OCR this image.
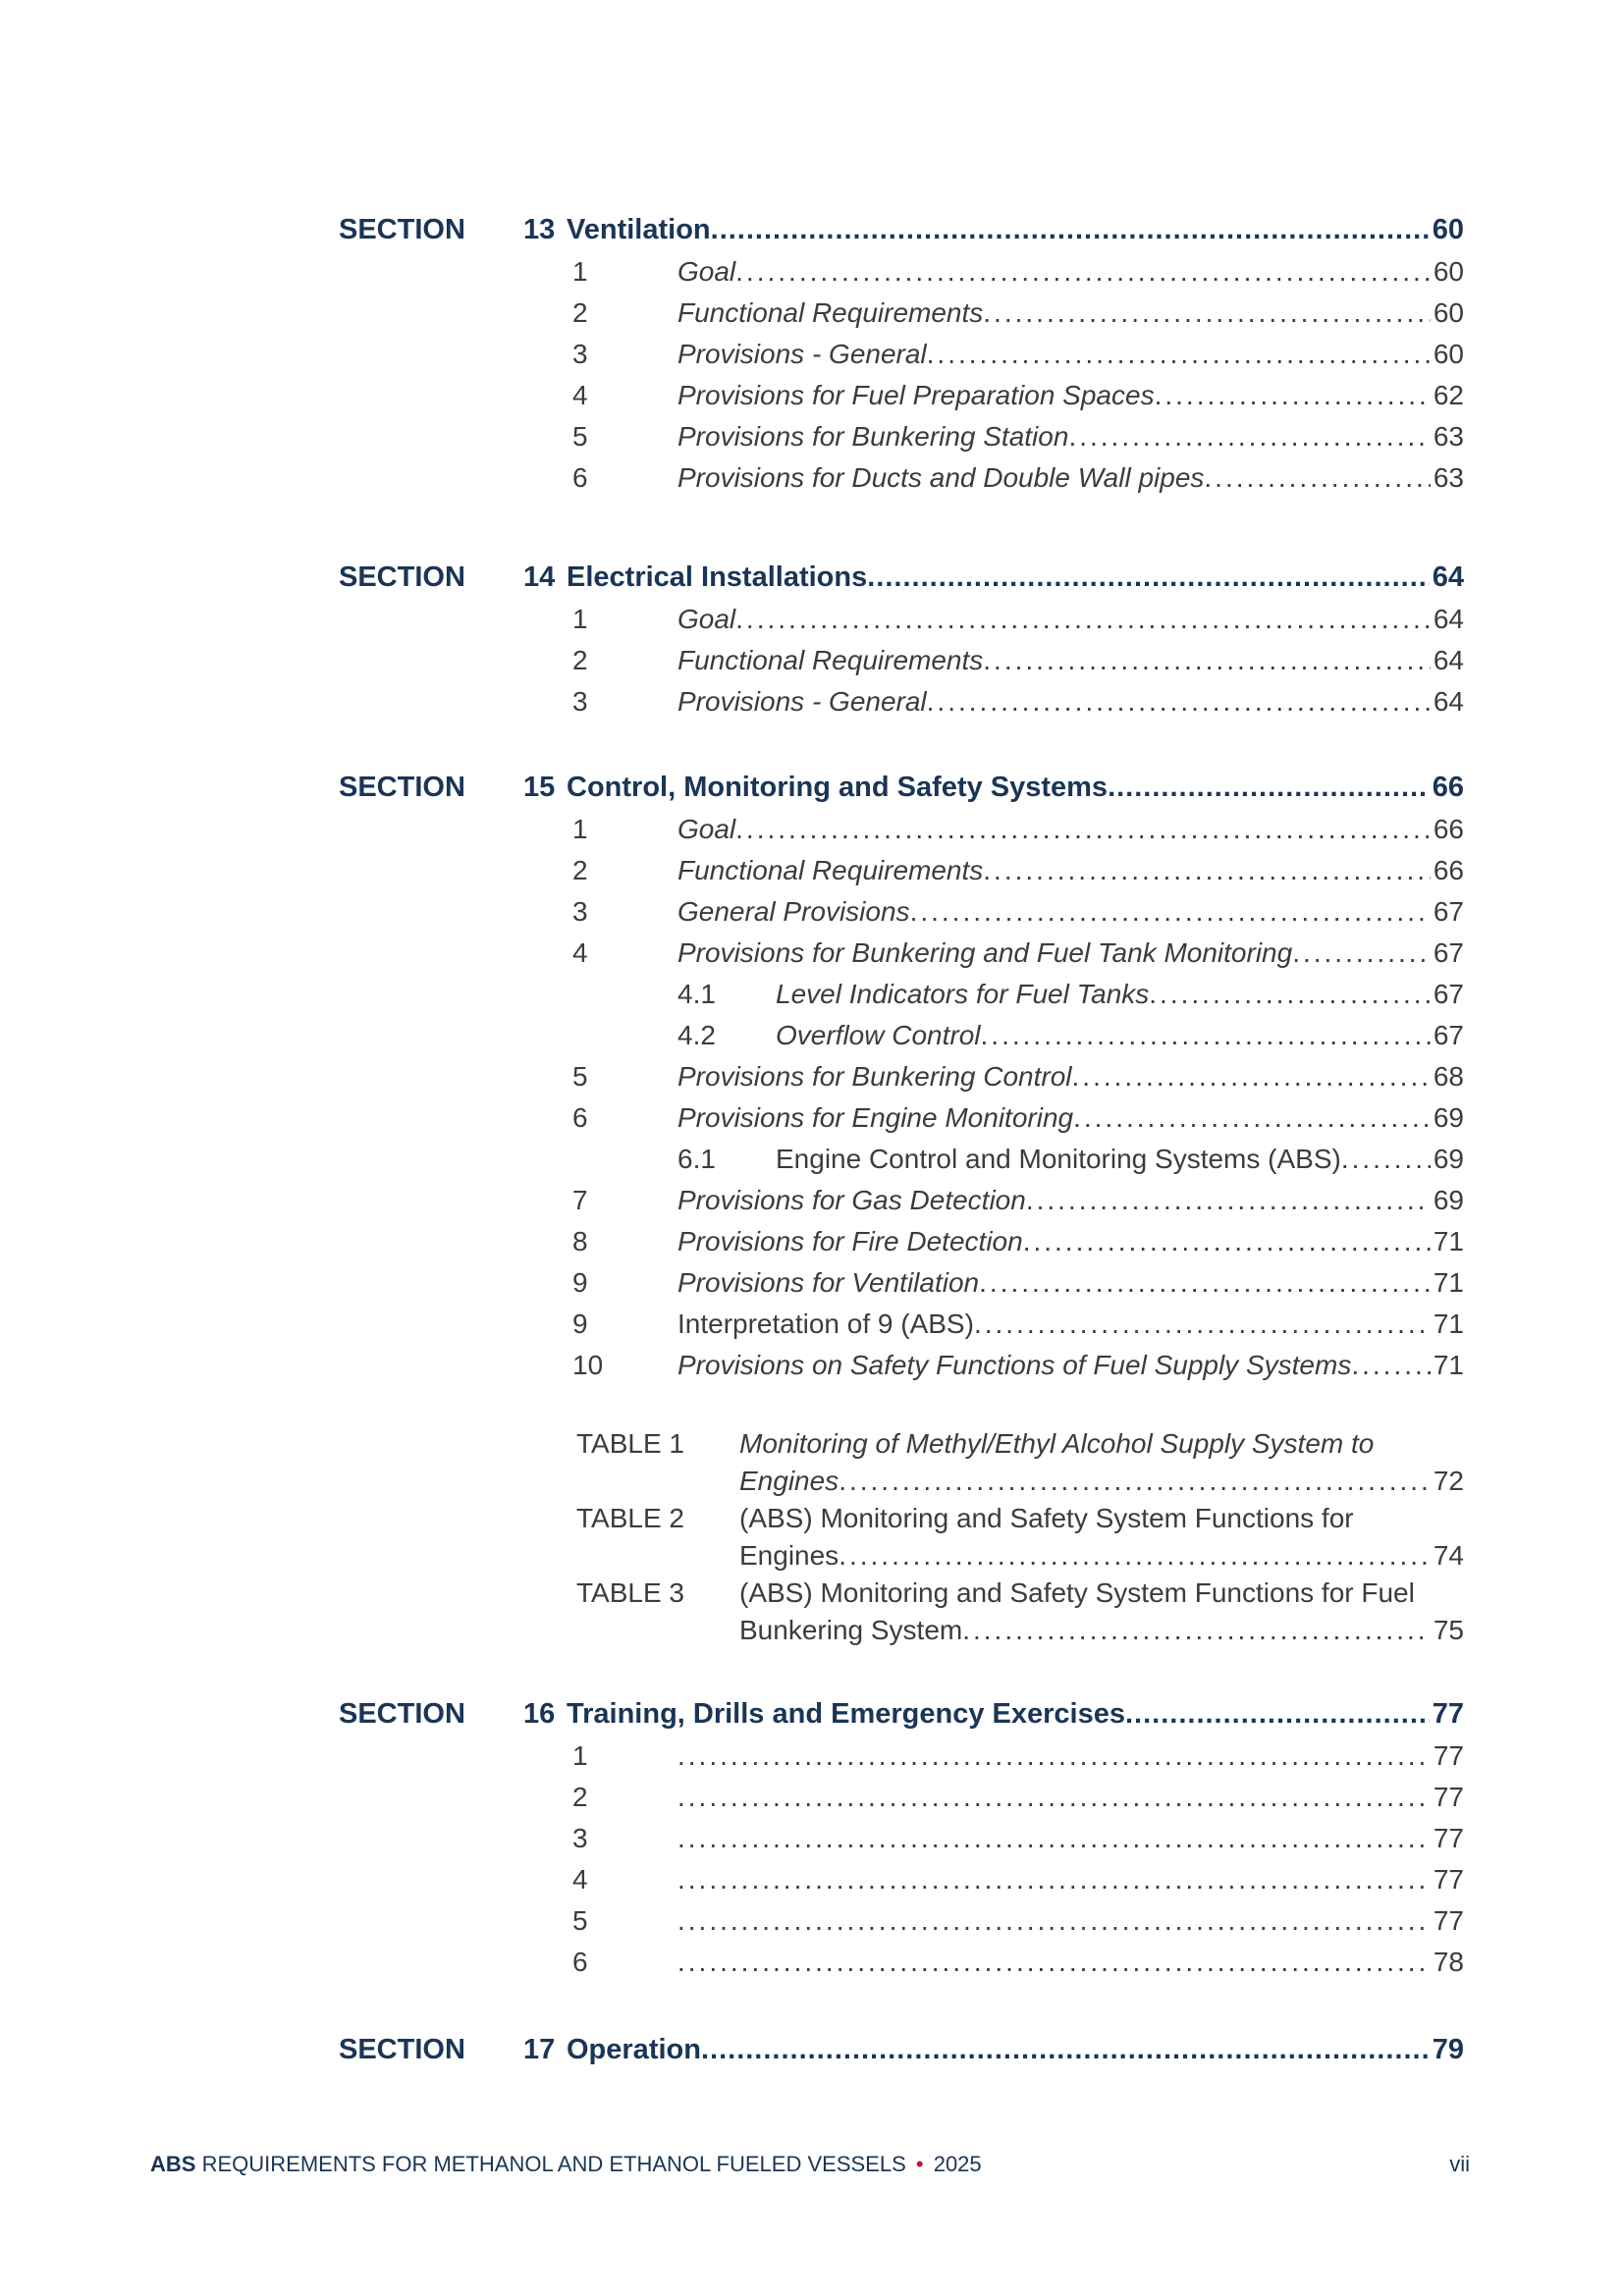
SECTION	13 Ventilation .....	60
1	Goal .....	60
2	Functional Requirements .....	60
3	Provisions - General .....	60
4	Provisions for Fuel Preparation Spaces .....	62
5	Provisions for Bunkering Station .....	63
6	Provisions for Ducts and Double Wall pipes .....	63
SECTION	14 Electrical Installations .....	64
1	Goal .....	64
2	Functional Requirements .....	64
3	Provisions - General .....	64
SECTION	15 Control, Monitoring and Safety Systems .....	66
1	Goal .....	66
2	Functional Requirements .....	66
3	General Provisions .....	67
4	Provisions for Bunkering and Fuel Tank Monitoring .....	67
4.1	Level Indicators for Fuel Tanks .....	67
4.2	Overflow Control .....	67
5	Provisions for Bunkering Control .....	68
6	Provisions for Engine Monitoring .....	69
6.1	Engine Control and Monitoring Systems (ABS) .....	69
7	Provisions for Gas Detection .....	69
8	Provisions for Fire Detection .....	71
9	Provisions for Ventilation .....	71
9	Interpretation of 9 (ABS) .....	71
10	Provisions on Safety Functions of Fuel Supply Systems .....	71
TABLE 1	Monitoring of Methyl/Ethyl Alcohol Supply System to
Engines .....	72
TABLE 2	(ABS) Monitoring and Safety System Functions for
Engines .....	74
TABLE 3	(ABS) Monitoring and Safety System Functions for Fuel
Bunkering System .....	75
SECTION	16 Training, Drills and Emergency Exercises .....	77
1 .....	77
2 .....	77
3 .....	77
4 .....	77
5 .....	77
6 .....	78
SECTION	17 Operation .....	79
ABS REQUIREMENTS FOR METHANOL AND ETHANOL FUELED VESSELS • 2025	vii
